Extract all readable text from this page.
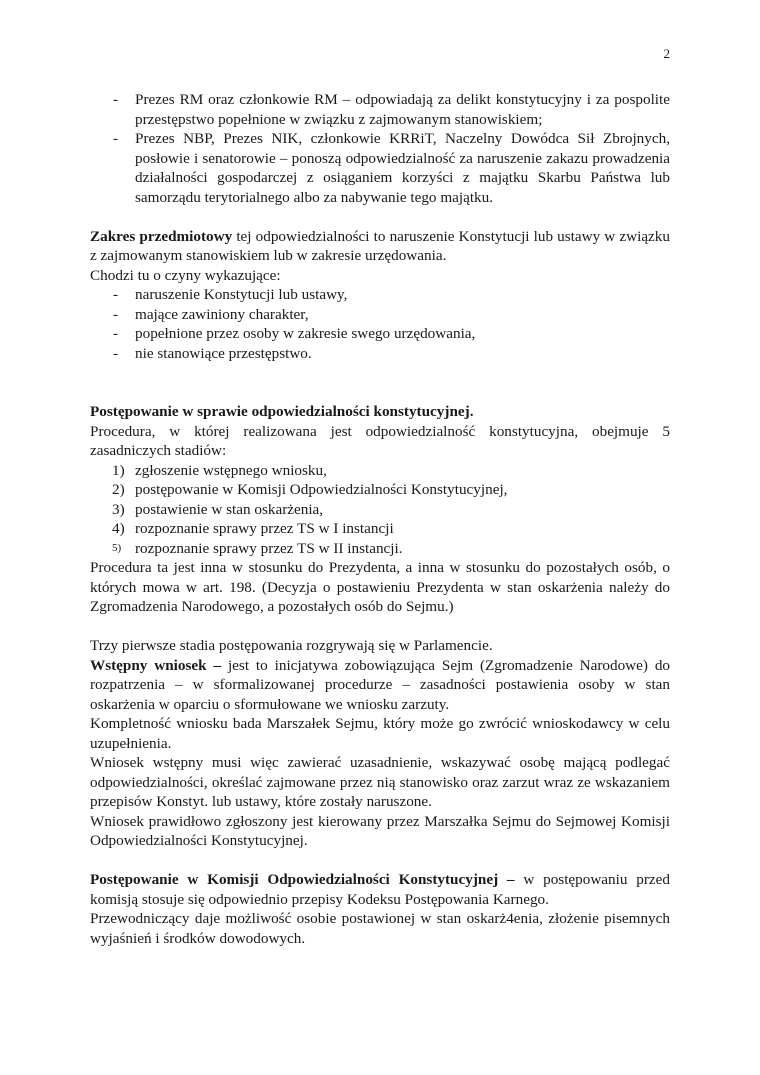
2
- Prezes RM oraz członkowie RM – odpowiadają za delikt konstytucyjny i za pospolite przestępstwo popełnione w związku z zajmowanym stanowiskiem;
- Prezes NBP, Prezes NIK, członkowie KRRiT, Naczelny Dowódca Sił Zbrojnych, posłowie i senatorowie – ponoszą odpowiedzialność za naruszenie zakazu prowadzenia działalności gospodarczej z osiąganiem korzyści z majątku Skarbu Państwa lub samorządu terytorialnego albo za nabywanie tego majątku.

Zakres przedmiotowy tej odpowiedzialności to naruszenie Konstytucji lub ustawy w związku z zajmowanym stanowiskiem lub w zakresie urzędowania.

Chodzi tu o czyny wykazujące:

- naruszenie Konstytucji lub ustawy,
- mające zawiniony charakter,
- popełnione przez osoby w zakresie swego urzędowania,
- nie stanowiące przestępstwo.

Postępowanie w sprawie odpowiedzialności konstytucyjnej.

Procedura, w której realizowana jest odpowiedzialność konstytucyjna, obejmuje 5 zasadniczych stadiów:

1) zgłoszenie wstępnego wniosku,
2) postępowanie w Komisji Odpowiedzialności Konstytucyjnej,
3) postawienie w stan oskarżenia,
4) rozpoznanie sprawy przez TS w I instancji
5) rozpoznanie sprawy przez TS w II instancji.

Procedura ta jest inna w stosunku do Prezydenta, a inna w stosunku do pozostałych osób, o których mowa w art. 198. (Decyzja o postawieniu Prezydenta w stan oskarżenia należy do Zgromadzenia Narodowego, a pozostałych osób do Sejmu.)

Trzy pierwsze stadia postępowania rozgrywają się w Parlamencie.

Wstępny wniosek – jest to inicjatywa zobowiązująca Sejm (Zgromadzenie Narodowe) do rozpatrzenia – w sformalizowanej procedurze – zasadności postawienia osoby w stan oskarżenia w oparciu o sformułowane we wniosku zarzuty.

Kompletność wniosku bada Marszałek Sejmu, który może go zwrócić wnioskodawcy w celu uzupełnienia.

Wniosek wstępny musi więc zawierać uzasadnienie, wskazywać osobę mającą podlegać odpowiedzialności, określać zajmowane przez nią stanowisko oraz zarzut wraz ze wskazaniem przepisów Konstyt. lub ustawy, które zostały naruszone.

Wniosek prawidłowo zgłoszony jest kierowany przez Marszałka Sejmu do Sejmowej Komisji Odpowiedzialności Konstytucyjnej.

Postępowanie w Komisji Odpowiedzialności Konstytucyjnej – w postępowaniu przed komisją stosuje się odpowiednio przepisy Kodeksu Postępowania Karnego.

Przewodniczący daje możliwość osobie postawionej w stan oskarż4enia, złożenie pisemnych wyjaśnień i środków dowodowych.
